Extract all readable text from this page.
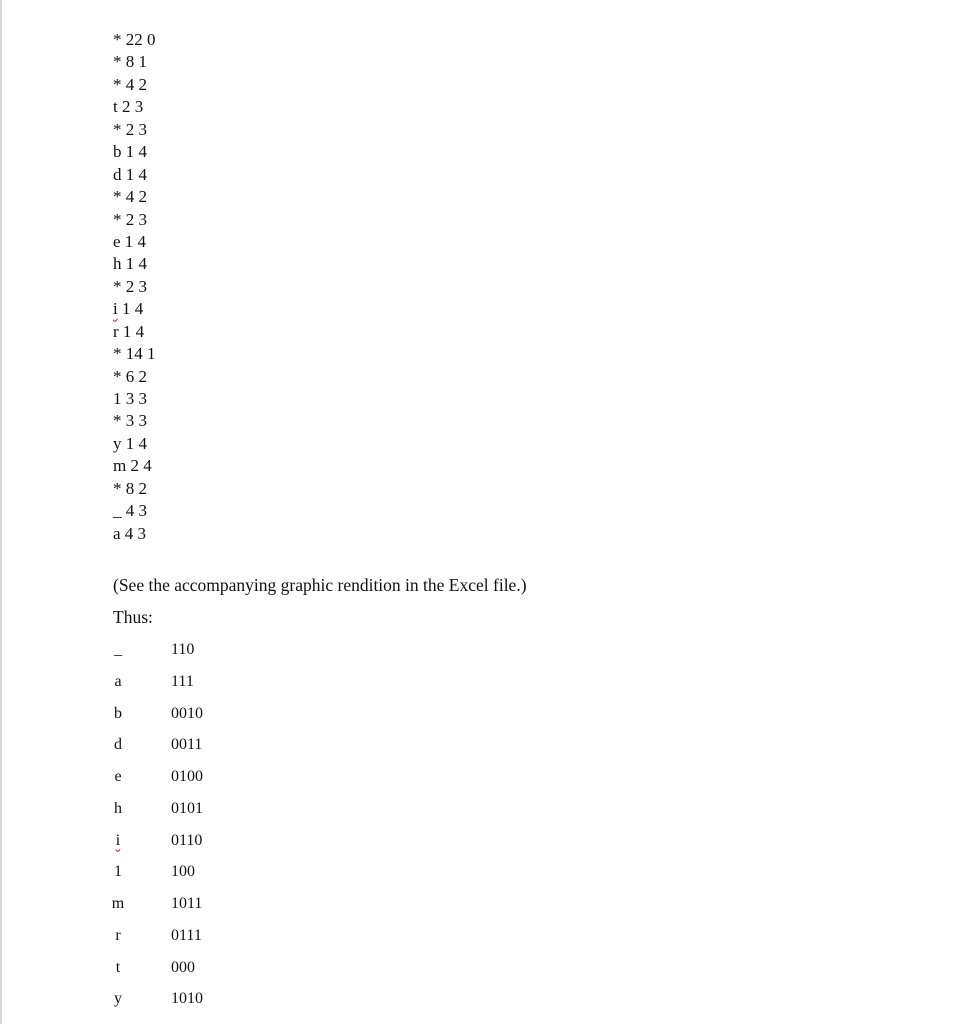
* 22 0
* 8 1
* 4 2
t 2 3
* 2 3
b 1 4
d 1 4
* 4 2
* 2 3
e 1 4
h 1 4
* 2 3
i 1 4
r 1 4
* 14 1
* 6 2
1 3 3
* 3 3
y 1 4
m 2 4
* 8 2
_ 4 3
a 4 3
(See the accompanying graphic rendition in the Excel file.)
Thus:
_	110
a	111
b	0010
d	0011
e	0100
h	0101
i	0110
1	100
m	1011
r	0111
t	000
y	1010
